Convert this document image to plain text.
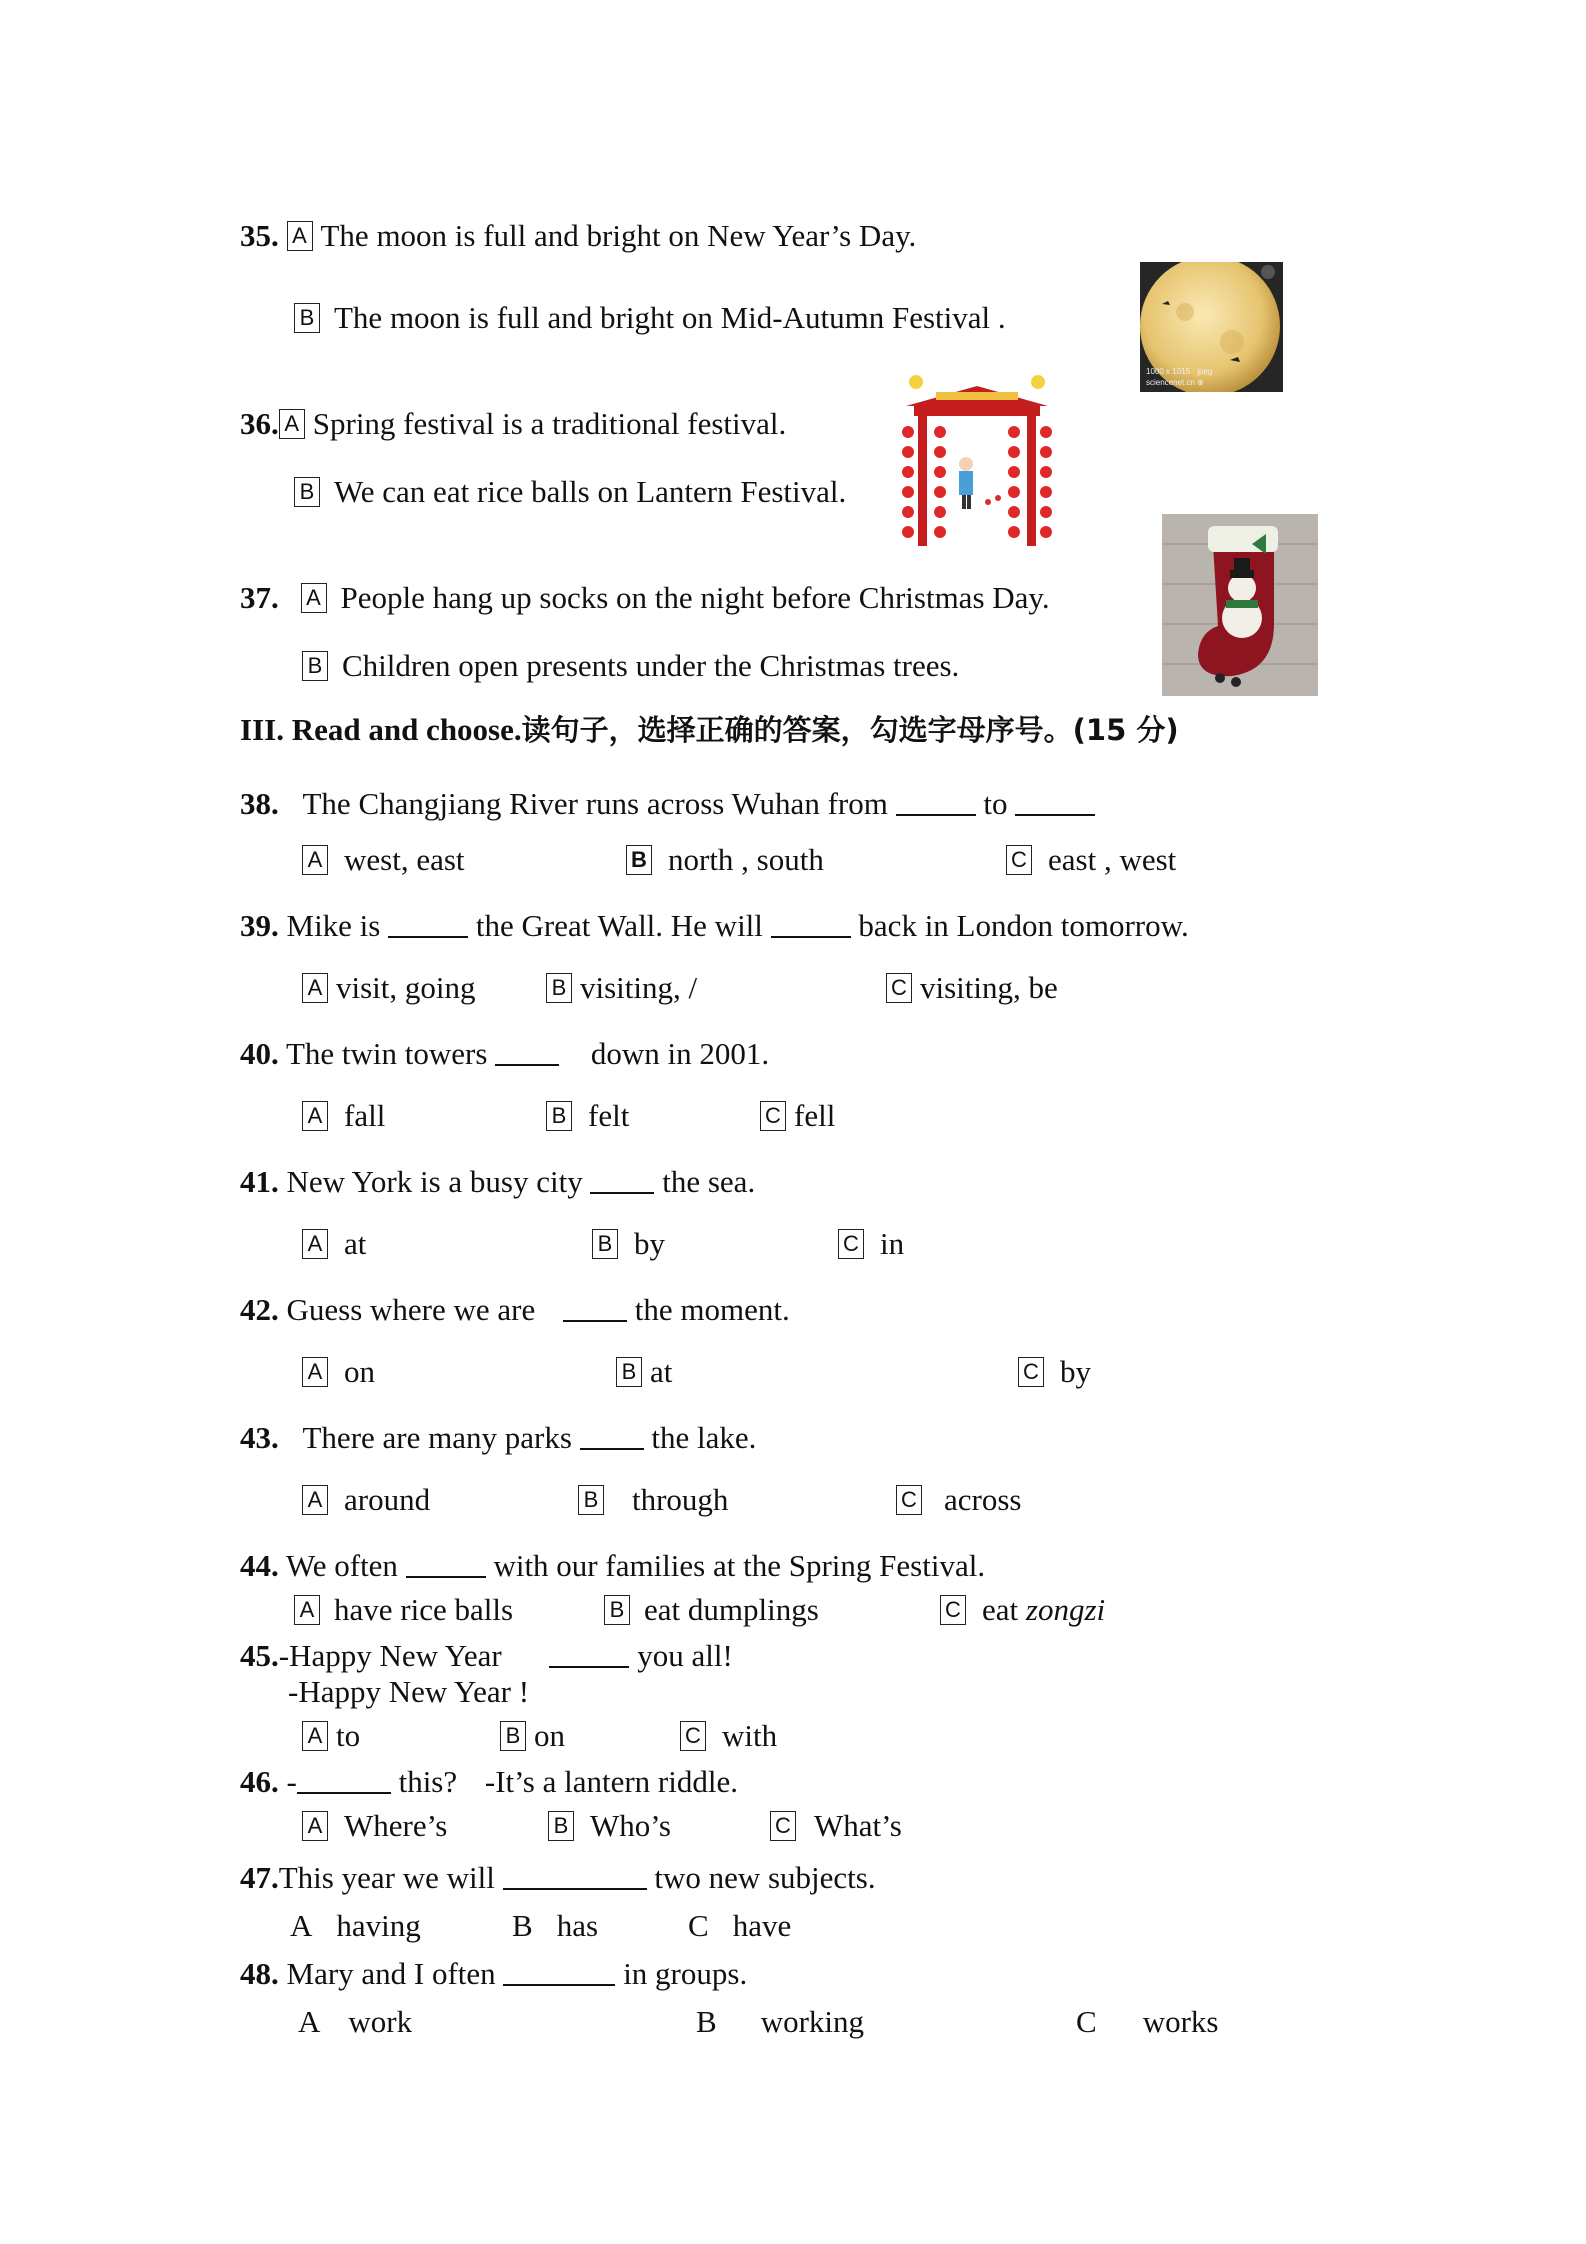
35. A The moon is full and bright on New Year’s Day.
B The moon is full and bright on Mid-Autumn Festival .
1000 x 1015 · jpeg
sciencenet.cn ⊕
36. A Spring festival is a traditional festival.
B We can eat rice balls on Lantern Festival.
37. A People hang up socks on the night before Christmas Day.
B Children open presents under the Christmas trees.
III. Read and choose.读句子，选择正确的答案，勾选字母序号。(15 分)
38. The Changjiang River runs across Wuhan from	to
A west, east	B north , south	C east , west
39. Mike is	the Great Wall. He will	back in London tomorrow.
A visit, going	B visiting, /	C visiting, be
40. The twin towers	down in 2001.
A fall	B felt	C fell
41. New York is a busy city	the sea.
A at	B by	C in
42. Guess where we are	the moment.
A on	B at	C by
43. There are many parks	the lake.
A around	B through	C across
44. We often	with our families at the Spring Festival.
A have rice balls	B eat dumplings	C eat zongzi
45.-Happy New Year	you all!
-Happy New Year !
A to	B on	C with
46. -	this? -It’s a lantern riddle.
A Where’s	B Who’s	C What’s
47.This year we will	two new subjects.
A having	B has	C have
48. Mary and I often	in groups.
A work	B working	C works
